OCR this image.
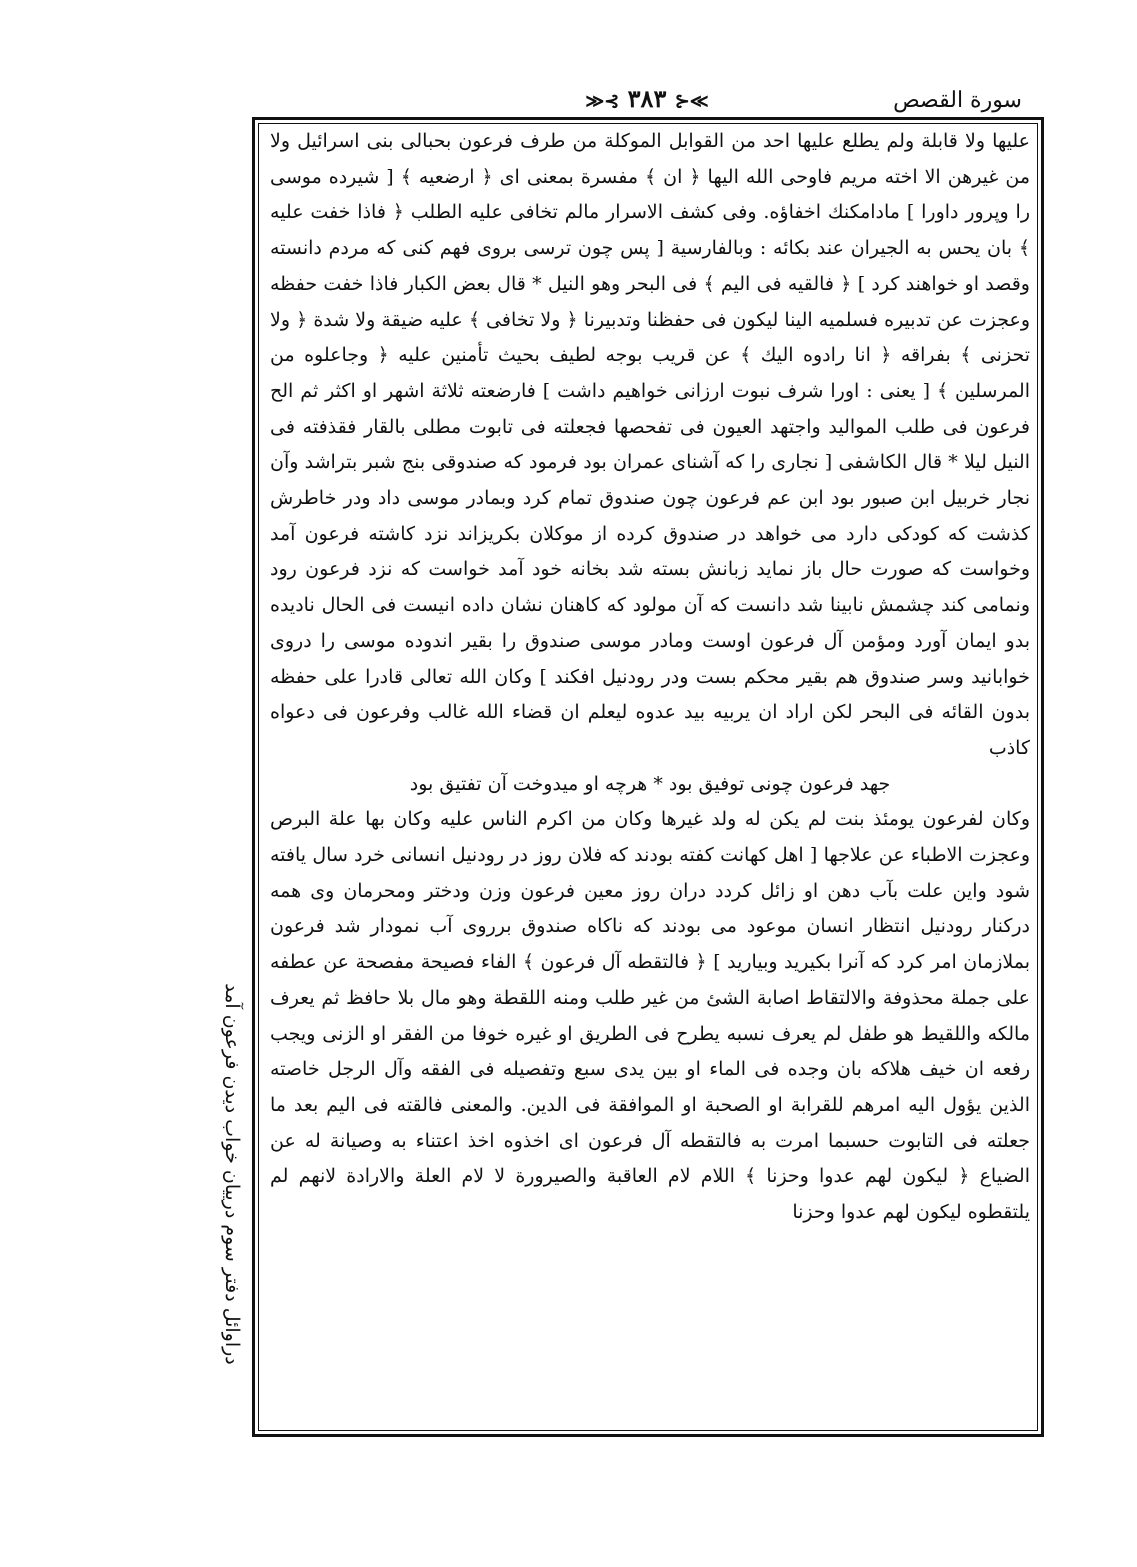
سورة القصص
≫⊰ ٣٨٣ ⊱≪

عليها ولا قابلة ولم يطلع عليها احد من القوابل الموكلة من طرف فرعون بحبالى بنى اسرائيل ولا من غيرهن الا اخته مريم فاوحى الله اليها ﴿ ان ﴾ مفسرة بمعنى اى ﴿ ارضعيه ﴾ [ شيرده موسى را وپرور داورا ] مادامكنك اخفاؤه. وفى كشف الاسرار مالم تخافى عليه الطلب ﴿ فاذا خفت عليه ﴾ بان يحس به الجيران عند بكائه : وبالفارسية [ پس چون ترسى بروى فهم كنى كه مردم دانسته وقصد او خواهند كرد ] ﴿ فالقيه فى اليم ﴾ فى البحر وهو النيل * قال بعض الكبار فاذا خفت حفظه وعجزت عن تدبيره فسلميه الينا ليكون فى حفظنا وتدبيرنا ﴿ ولا تخافى ﴾ عليه ضيقة ولا شدة ﴿ ولا تحزنى ﴾ بفراقه ﴿ انا رادوه اليك ﴾ عن قريب بوجه لطيف بحيث تأمنين عليه ﴿ وجاعلوه من المرسلين ﴾ [ يعنى : اورا شرف نبوت ارزانى خواهيم داشت ] فارضعته ثلاثة اشهر او اكثر ثم الح فرعون فى طلب المواليد واجتهد العيون فى تفحصها فجعلته فى تابوت مطلى بالقار فقذفته فى النيل ليلا * قال الكاشفى [ نجارى را كه آشناى عمران بود فرمود كه صندوقى بنج شبر بتراشد وآن نجار خربيل ابن صبور بود ابن عم فرعون چون صندوق تمام كرد وبمادر موسى داد ودر خاطرش كذشت كه كودكى دارد مى خواهد در صندوق كرده از موكلان بكريزاند نزد كاشته فرعون آمد وخواست كه صورت حال باز نمايد زبانش بسته شد بخانه خود آمد خواست كه نزد فرعون رود ونمامى كند چشمش نابينا شد دانست كه آن مولود كه كاهنان نشان داده انيست فى الحال ناديده بدو ايمان آورد ومؤمن آل فرعون اوست ومادر موسى صندوق را بقير اندوده موسى را دروى خوابانيد وسر صندوق هم بقير محكم بست ودر رودنيل افكند ] وكان الله تعالى قادرا على حفظه بدون القائه فى البحر لكن اراد ان يربيه بيد عدوه ليعلم ان قضاء الله غالب وفرعون فى دعواه كاذب

جهد فرعون چونى توفيق بود * هرچه او ميدوخت آن تفتيق بود

وكان لفرعون يومئذ بنت لم يكن له ولد غيرها وكان من اكرم الناس عليه وكان بها علة البرص وعجزت الاطباء عن علاجها [ اهل كهانت كفته بودند كه فلان روز در رودنيل انسانى خرد سال يافته شود واين علت بآب دهن او زائل كردد دران روز معين فرعون وزن ودختر ومحرمان وى همه دركنار رودنيل انتظار انسان موعود مى بودند كه ناكاه صندوق برروى آب نمودار شد فرعون بملازمان امر كرد كه آنرا بكيريد وبياريد ] ﴿ فالتقطه آل فرعون ﴾ الفاء فصيحة مفصحة عن عطفه على جملة محذوفة والالتقاط اصابة الشئ من غير طلب ومنه اللقطة وهو مال بلا حافظ ثم يعرف مالكه واللقيط هو طفل لم يعرف نسبه يطرح فى الطريق او غيره خوفا من الفقر او الزنى ويجب رفعه ان خيف هلاكه بان وجده فى الماء او بين يدى سبع وتفصيله فى الفقه وآل الرجل خاصته الذين يؤول اليه امرهم للقرابة او الصحبة او الموافقة فى الدين. والمعنى فالقته فى اليم بعد ما جعلته فى التابوت حسبما امرت به فالتقطه آل فرعون اى اخذوه اخذ اعتناء به وصيانة له عن الضياع ﴿ ليكون لهم عدوا وحزنا ﴾ اللام لام العاقبة والصيرورة لا لام العلة والارادة لانهم لم يلتقطوه ليكون لهم عدوا وحزنا

دراوائل دفتر سوم درییان خواب دیدن فرعون آمد
